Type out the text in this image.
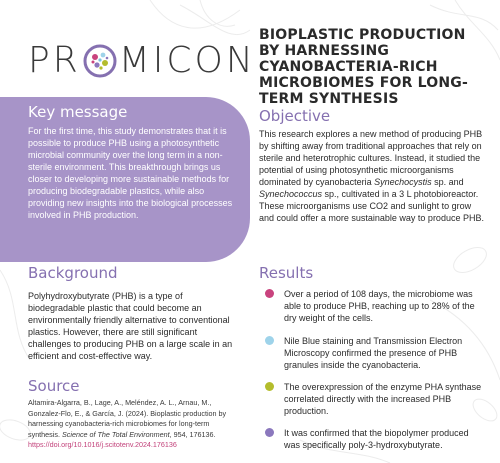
PR MICON
BIOPLASTIC PRODUCTION BY HARNESSING CYANOBACTERIA-RICH MICROBIOMES FOR LONG-TERM SYNTHESIS
Key message

For the first time, this study demonstrates that it is possible to produce PHB using a photosynthetic microbial community over the long term in a non-sterile environment. This breakthrough brings us closer to developing more sustainable methods for producing biodegradable plastics, while also providing new insights into the biological processes involved in PHB production.

Background

Polyhydroxybutyrate (PHB) is a type of biodegradable plastic that could become an environmentally friendly alternative to conventional plastics. However, there are still significant challenges to producing PHB on a large scale in an efficient and cost-effective way.

Source

Altamira-Algarra, B., Lage, A., Meléndez, A. L., Arnau, M., Gonzalez-Flo, E., & García, J. (2024). Bioplastic production by harnessing cyanobacteria-rich microbiomes for long-term synthesis. Science of The Total Environment, 954, 176136. https://doi.org/10.1016/j.scitotenv.2024.176136

Objective

This research explores a new method of producing PHB by shifting away from traditional approaches that rely on sterile and heterotrophic cultures. Instead, it studied the potential of using photosynthetic microorganisms dominated by cyanobacteria Synechocystis sp. and Synechococcus sp., cultivated in a 3 L photobioreactor. These microorganisms use CO2 and sunlight to grow and could offer a more sustainable way to produce PHB.

Results
Over a period of 108 days, the microbiome was able to produce PHB, reaching up to 28% of the dry weight of the cells.
Nile Blue staining and Transmission Electron Microscopy confirmed the presence of PHB granules inside the cyanobacteria.
The overexpression of the enzyme PHA synthase correlated directly with the increased PHB production.
It was confirmed that the biopolymer produced was specifically poly-3-hydroxybutyrate.
